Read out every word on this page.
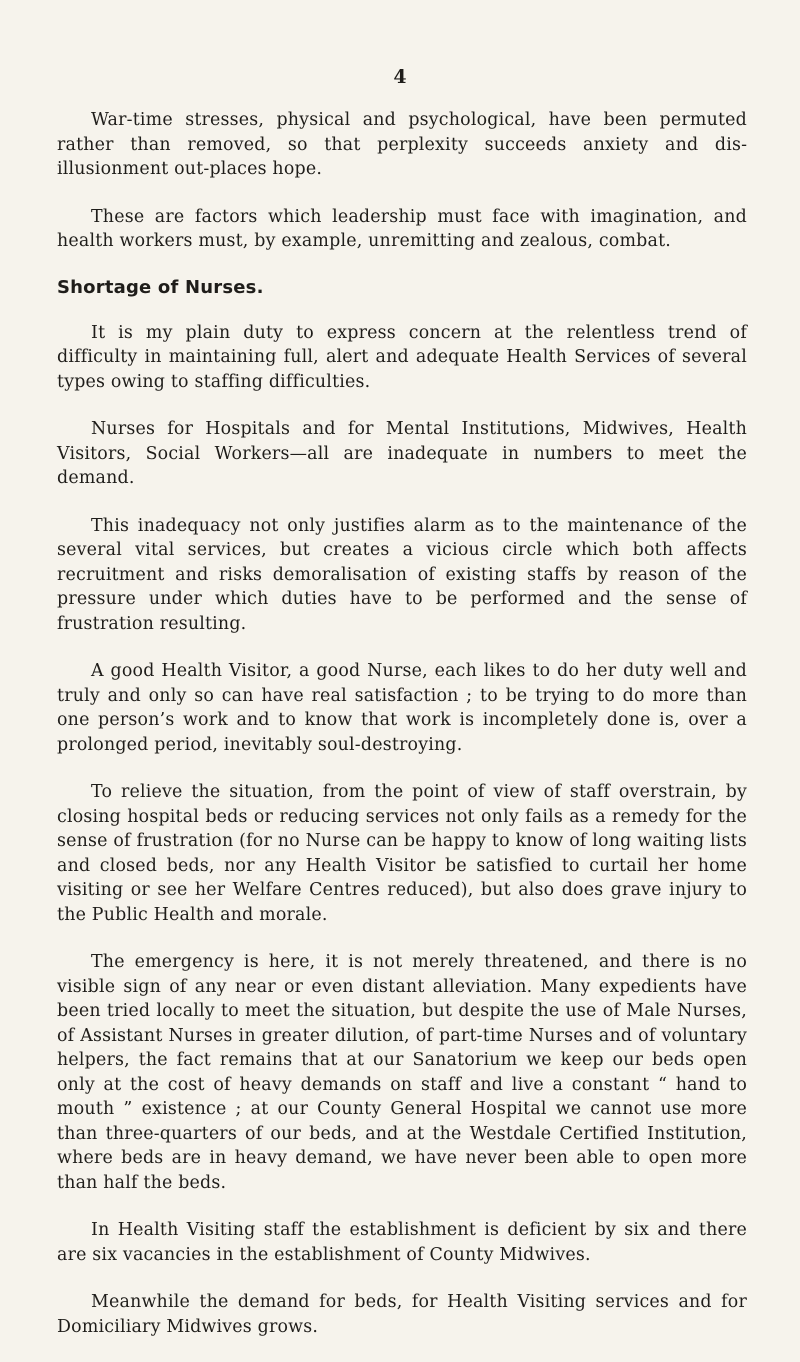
4

War-time stresses, physical and psychological, have been permuted rather than removed, so that perplexity succeeds anxiety and disillusionment out-places hope.

These are factors which leadership must face with imagination, and health workers must, by example, unremitting and zealous, combat.

Shortage of Nurses.

It is my plain duty to express concern at the relentless trend of difficulty in maintaining full, alert and adequate Health Services of several types owing to staffing difficulties.

Nurses for Hospitals and for Mental Institutions, Midwives, Health Visitors, Social Workers—all are inadequate in numbers to meet the demand.

This inadequacy not only justifies alarm as to the maintenance of the several vital services, but creates a vicious circle which both affects recruitment and risks demoralisation of existing staffs by reason of the pressure under which duties have to be performed and the sense of frustration resulting.

A good Health Visitor, a good Nurse, each likes to do her duty well and truly and only so can have real satisfaction ; to be trying to do more than one person’s work and to know that work is incompletely done is, over a prolonged period, inevitably soul-destroying.

To relieve the situation, from the point of view of staff overstrain, by closing hospital beds or reducing services not only fails as a remedy for the sense of frustration (for no Nurse can be happy to know of long waiting lists and closed beds, nor any Health Visitor be satisfied to curtail her home visiting or see her Welfare Centres reduced), but also does grave injury to the Public Health and morale.

The emergency is here, it is not merely threatened, and there is no visible sign of any near or even distant alleviation. Many expedients have been tried locally to meet the situation, but despite the use of Male Nurses, of Assistant Nurses in greater dilution, of part-time Nurses and of voluntary helpers, the fact remains that at our Sanatorium we keep our beds open only at the cost of heavy demands on staff and live a constant “ hand to mouth ” existence ; at our County General Hospital we cannot use more than three-quarters of our beds, and at the Westdale Certified Institution, where beds are in heavy demand, we have never been able to open more than half the beds.

In Health Visiting staff the establishment is deficient by six and there are six vacancies in the establishment of County Midwives.

Meanwhile the demand for beds, for Health Visiting services and for Domiciliary Midwives grows.
